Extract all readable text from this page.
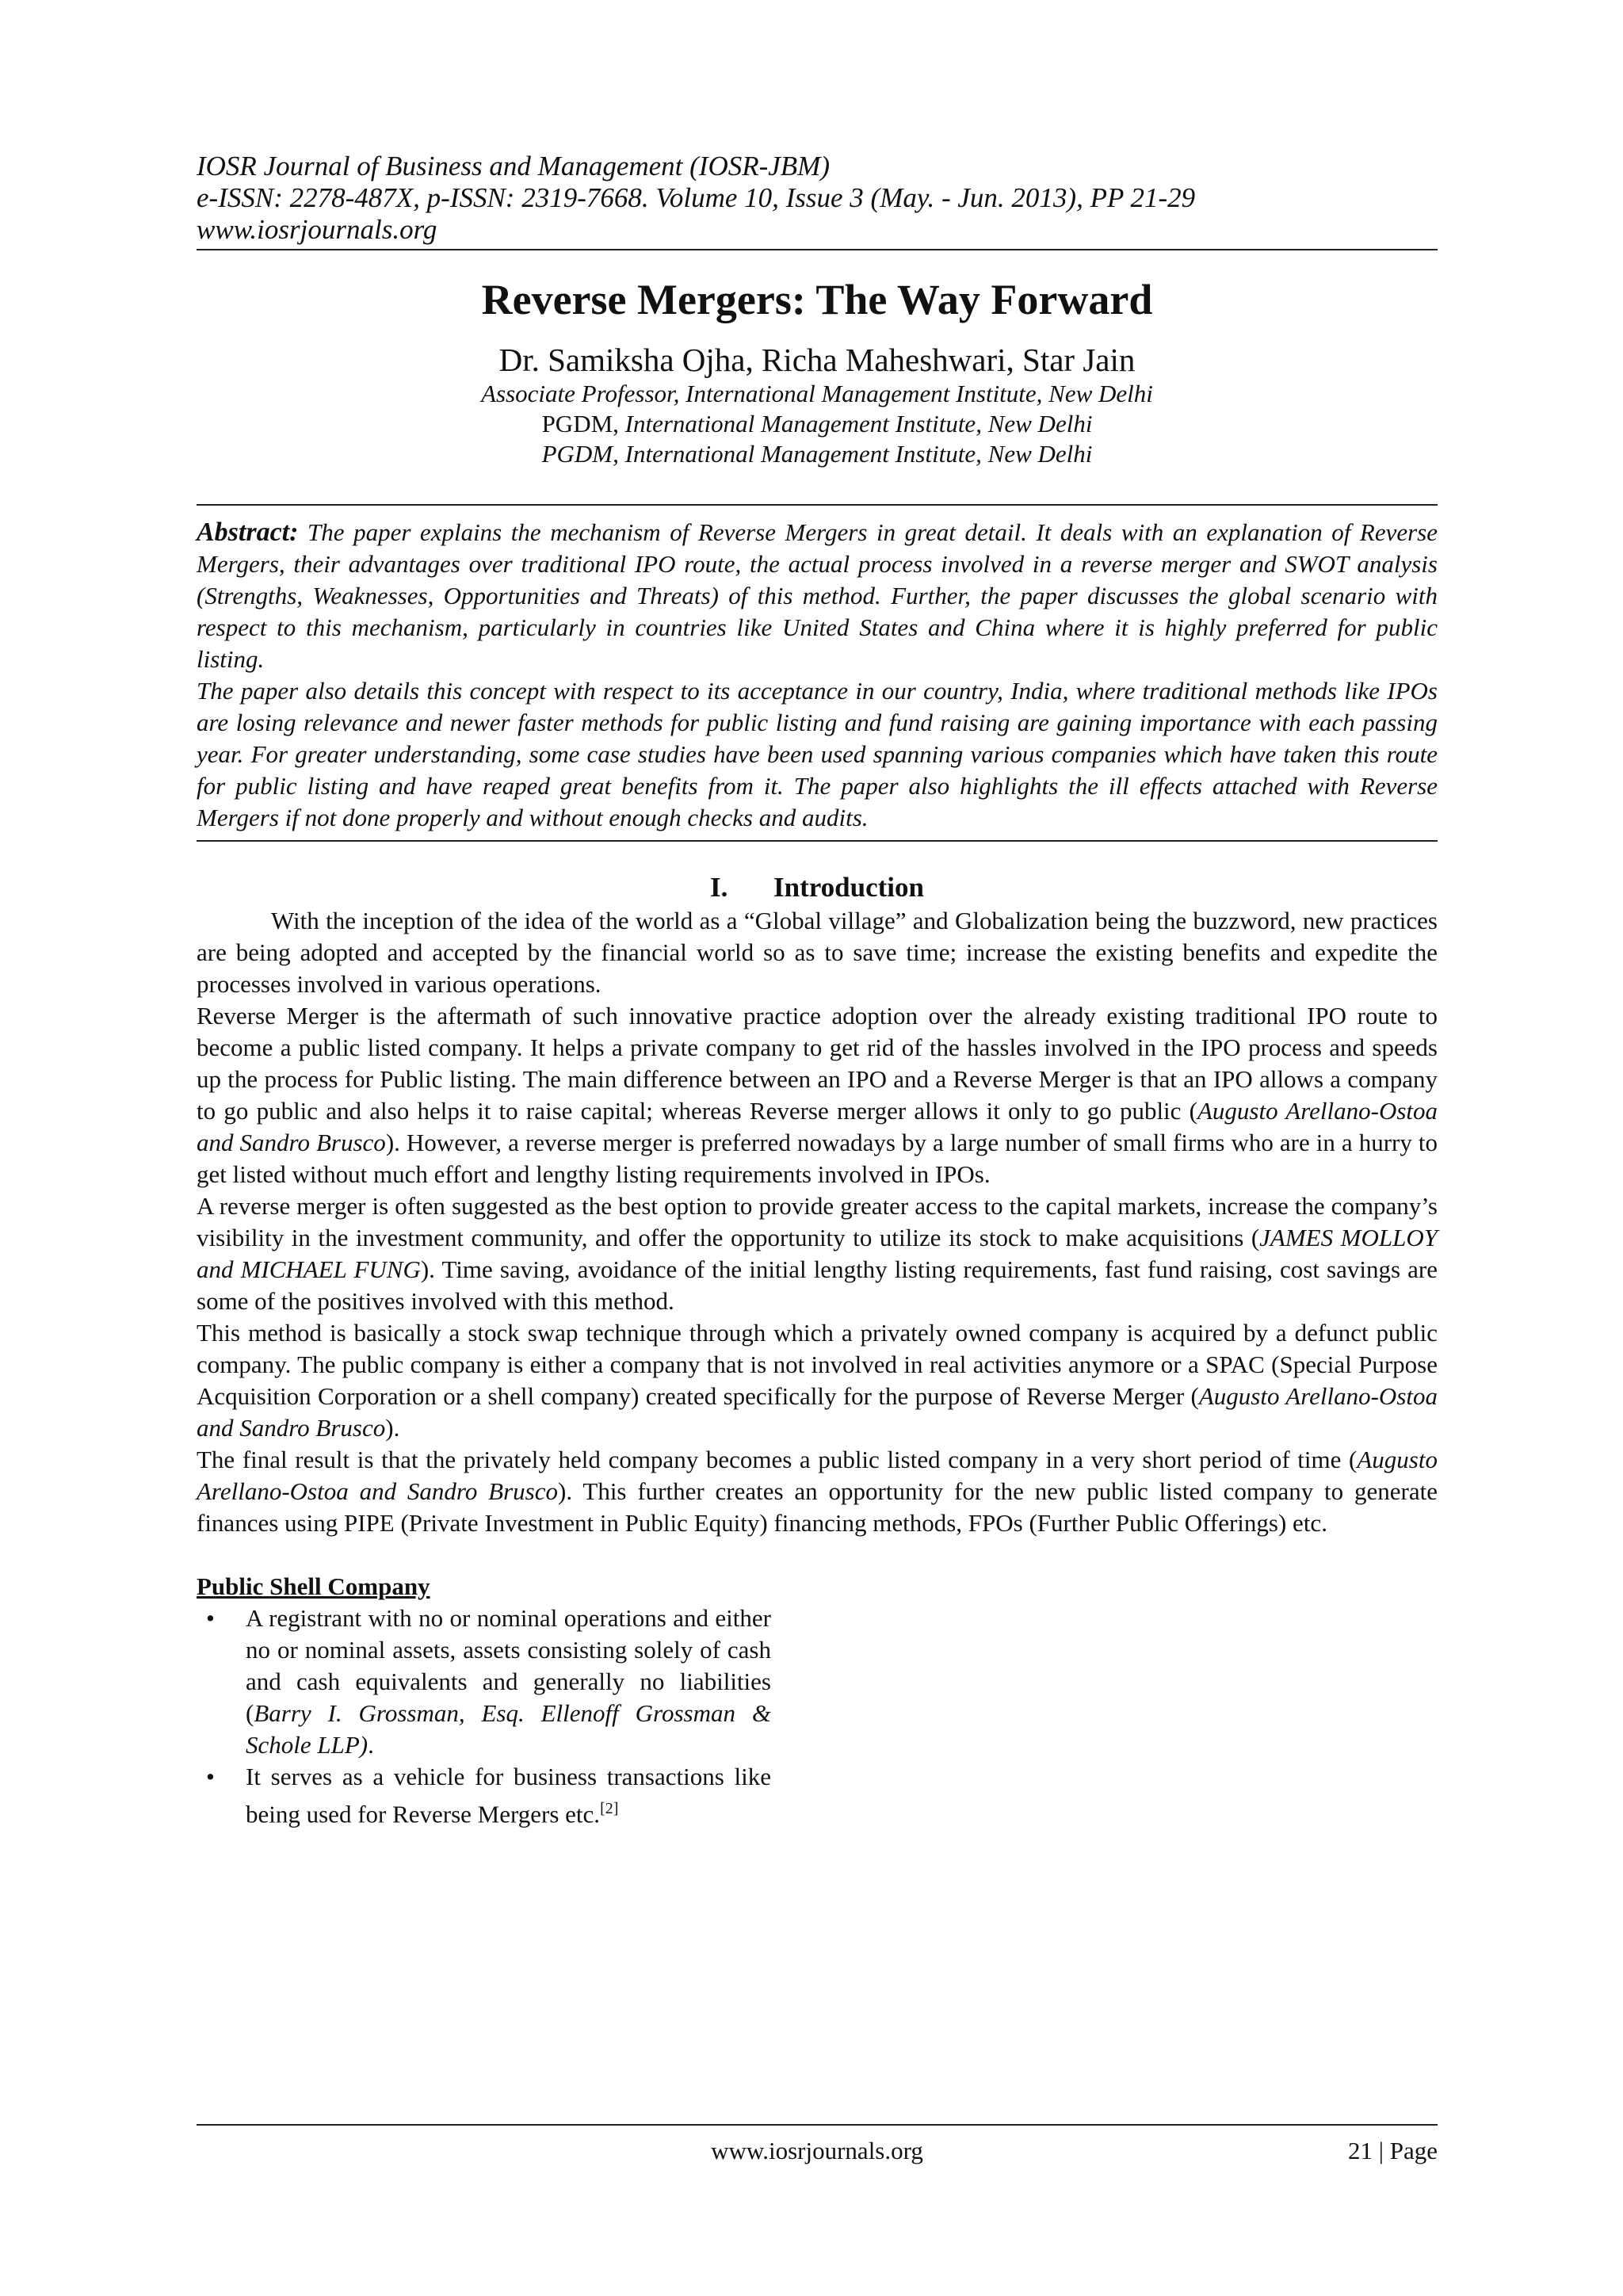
IOSR Journal of Business and Management (IOSR-JBM)
e-ISSN: 2278-487X, p-ISSN: 2319-7668. Volume 10, Issue 3 (May. - Jun. 2013), PP 21-29
www.iosrjournals.org
Reverse Mergers: The Way Forward
Dr. Samiksha Ojha, Richa Maheshwari, Star Jain
Associate Professor, International Management Institute, New Delhi
PGDM, International Management Institute, New Delhi
PGDM, International Management Institute, New Delhi

Abstract: The paper explains the mechanism of Reverse Mergers in great detail. It deals with an explanation of Reverse Mergers, their advantages over traditional IPO route, the actual process involved in a reverse merger and SWOT analysis (Strengths, Weaknesses, Opportunities and Threats) of this method. Further, the paper discusses the global scenario with respect to this mechanism, particularly in countries like United States and China where it is highly preferred for public listing.

The paper also details this concept with respect to its acceptance in our country, India, where traditional methods like IPOs are losing relevance and newer faster methods for public listing and fund raising are gaining importance with each passing year. For greater understanding, some case studies have been used spanning various companies which have taken this route for public listing and have reaped great benefits from it. The paper also highlights the ill effects attached with Reverse Mergers if not done properly and without enough checks and audits.

I. Introduction

With the inception of the idea of the world as a “Global village” and Globalization being the buzzword, new practices are being adopted and accepted by the financial world so as to save time; increase the existing benefits and expedite the processes involved in various operations.

Reverse Merger is the aftermath of such innovative practice adoption over the already existing traditional IPO route to become a public listed company. It helps a private company to get rid of the hassles involved in the IPO process and speeds up the process for Public listing. The main difference between an IPO and a Reverse Merger is that an IPO allows a company to go public and also helps it to raise capital; whereas Reverse merger allows it only to go public (Augusto Arellano-Ostoa and Sandro Brusco). However, a reverse merger is preferred nowadays by a large number of small firms who are in a hurry to get listed without much effort and lengthy listing requirements involved in IPOs.

A reverse merger is often suggested as the best option to provide greater access to the capital markets, increase the company’s visibility in the investment community, and offer the opportunity to utilize its stock to make acquisitions (JAMES MOLLOY and MICHAEL FUNG). Time saving, avoidance of the initial lengthy listing requirements, fast fund raising, cost savings are some of the positives involved with this method.

This method is basically a stock swap technique through which a privately owned company is acquired by a defunct public company. The public company is either a company that is not involved in real activities anymore or a SPAC (Special Purpose Acquisition Corporation or a shell company) created specifically for the purpose of Reverse Merger (Augusto Arellano-Ostoa and Sandro Brusco).

The final result is that the privately held company becomes a public listed company in a very short period of time (Augusto Arellano-Ostoa and Sandro Brusco). This further creates an opportunity for the new public listed company to generate finances using PIPE (Private Investment in Public Equity) financing methods, FPOs (Further Public Offerings) etc.

Public Shell Company
• A registrant with no or nominal operations and either no or nominal assets, assets consisting solely of cash and cash equivalents and generally no liabilities (Barry I. Grossman, Esq. Ellenoff Grossman & Schole LLP).
• It serves as a vehicle for business transactions like being used for Reverse Mergers etc.[2]
www.iosrjournals.org	21 | Page
